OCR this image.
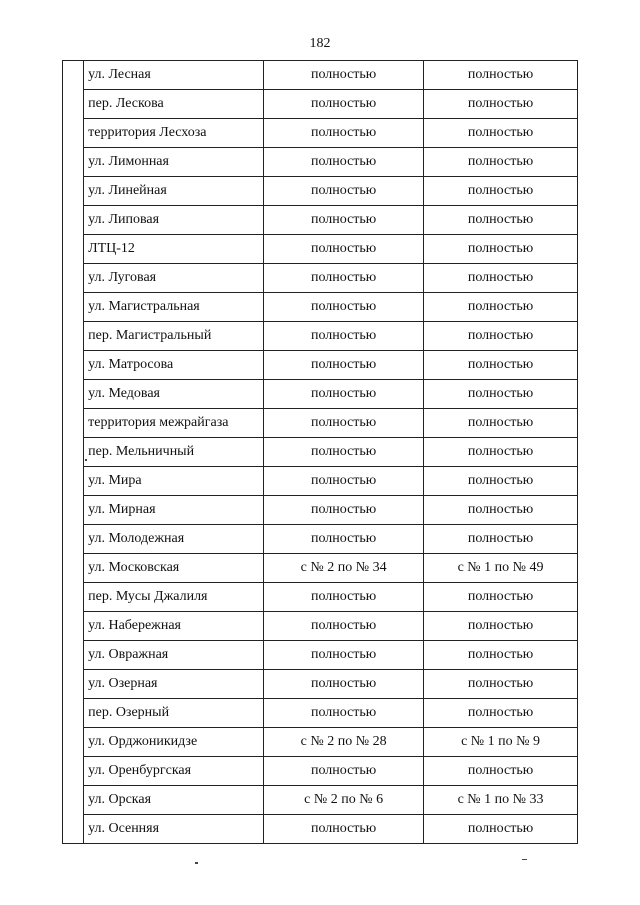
182
	ул. Лесная	полностью	полностью
	пер. Лескова	полностью	полностью
	территория Лесхоза	полностью	полностью
	ул. Лимонная	полностью	полностью
	ул. Линейная	полностью	полностью
	ул. Липовая	полностью	полностью
	ЛТЦ-12	полностью	полностью
	ул. Луговая	полностью	полностью
	ул. Магистральная	полностью	полностью
	пер. Магистральный	полностью	полностью
	ул. Матросова	полностью	полностью
	ул. Медовая	полностью	полностью
	территория межрайгаза	полностью	полностью
	пер. Мельничный	полностью	полностью
	ул. Мира	полностью	полностью
	ул. Мирная	полностью	полностью
	ул. Молодежная	полностью	полностью
	ул. Московская	с № 2 по № 34	с № 1 по № 49
	пер. Мусы Джалиля	полностью	полностью
	ул. Набережная	полностью	полностью
	ул. Овражная	полностью	полностью
	ул. Озерная	полностью	полностью
	пер. Озерный	полностью	полностью
	ул. Орджоникидзе	с № 2 по № 28	с № 1 по № 9
	ул. Оренбургская	полностью	полностью
	ул. Орская	с № 2 по № 6	с № 1 по № 33
	ул. Осенняя	полностью	полностью
